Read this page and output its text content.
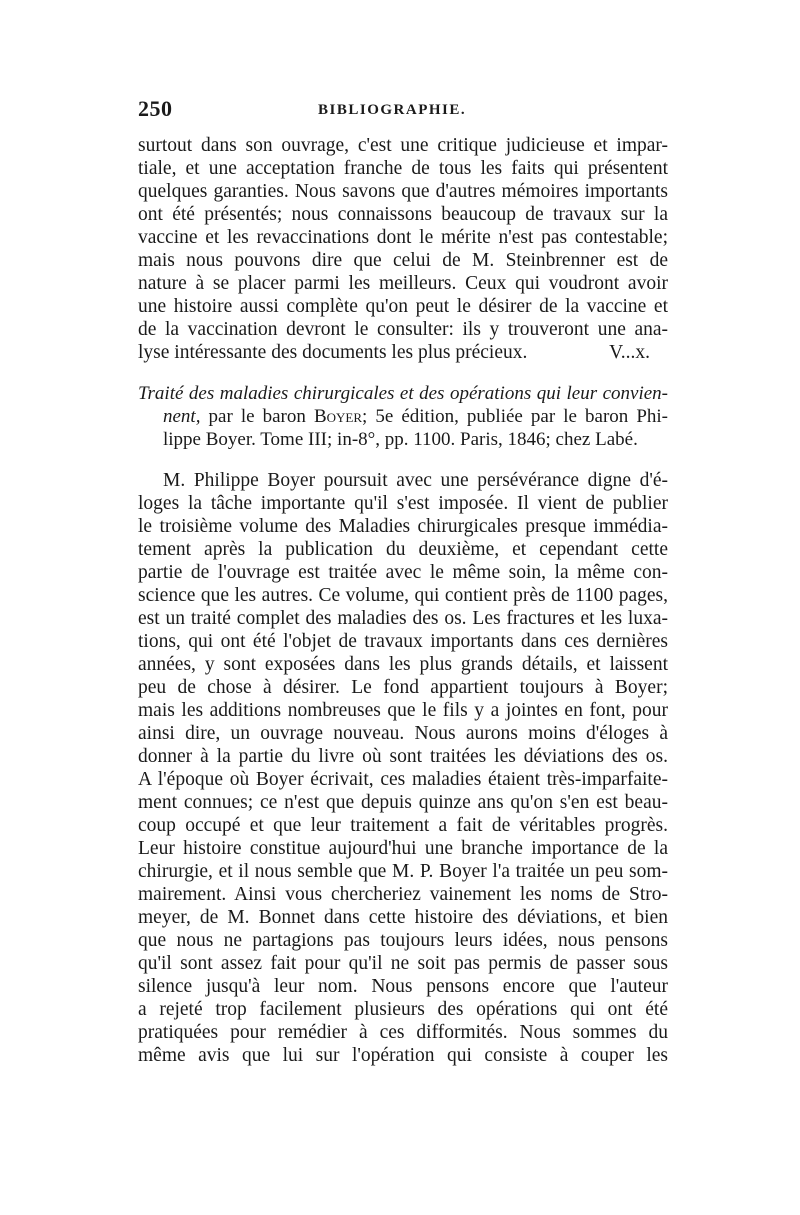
250	BIBLIOGRAPHIE.
surtout dans son ouvrage, c'est une critique judicieuse et impar-
tiale, et une acceptation franche de tous les faits qui présentent
quelques garanties. Nous savons que d'autres mémoires importants
ont été présentés; nous connaissons beaucoup de travaux sur la
vaccine et les revaccinations dont le mérite n'est pas contestable;
mais nous pouvons dire que celui de M. Steinbrenner est de
nature à se placer parmi les meilleurs. Ceux qui voudront avoir
une histoire aussi complète qu'on peut le désirer de la vaccine et
de la vaccination devront le consulter: ils y trouveront une ana-
lyse intéressante des documents les plus précieux.	V...x.
Traité des maladies chirurgicales et des opérations qui leur convien-
nent, par le baron Boyer; 5e édition, publiée par le baron Phi-
lippe Boyer. Tome III; in-8°, pp. 1100. Paris, 1846; chez Labé.
M. Philippe Boyer poursuit avec une persévérance digne d'é-
loges la tâche importante qu'il s'est imposée. Il vient de publier
le troisième volume des Maladies chirurgicales presque immédia-
tement après la publication du deuxième, et cependant cette
partie de l'ouvrage est traitée avec le même soin, la même con-
science que les autres. Ce volume, qui contient près de 1100 pages,
est un traité complet des maladies des os. Les fractures et les luxa-
tions, qui ont été l'objet de travaux importants dans ces dernières
années, y sont exposées dans les plus grands détails, et laissent
peu de chose à désirer. Le fond appartient toujours à Boyer;
mais les additions nombreuses que le fils y a jointes en font, pour
ainsi dire, un ouvrage nouveau. Nous aurons moins d'éloges à
donner à la partie du livre où sont traitées les déviations des os.
A l'époque où Boyer écrivait, ces maladies étaient très-imparfaite-
ment connues; ce n'est que depuis quinze ans qu'on s'en est beau-
coup occupé et que leur traitement a fait de véritables progrès.
Leur histoire constitue aujourd'hui une branche importance de la
chirurgie, et il nous semble que M. P. Boyer l'a traitée un peu som-
mairement. Ainsi vous chercheriez vainement les noms de Stro-
meyer, de M. Bonnet dans cette histoire des déviations, et bien
que nous ne partagions pas toujours leurs idées, nous pensons
qu'il sont assez fait pour qu'il ne soit pas permis de passer sous
silence jusqu'à leur nom. Nous pensons encore que l'auteur
a rejeté trop facilement plusieurs des opérations qui ont été
pratiquées pour remédier à ces difformités. Nous sommes du
même avis que lui sur l'opération qui consiste à couper les
